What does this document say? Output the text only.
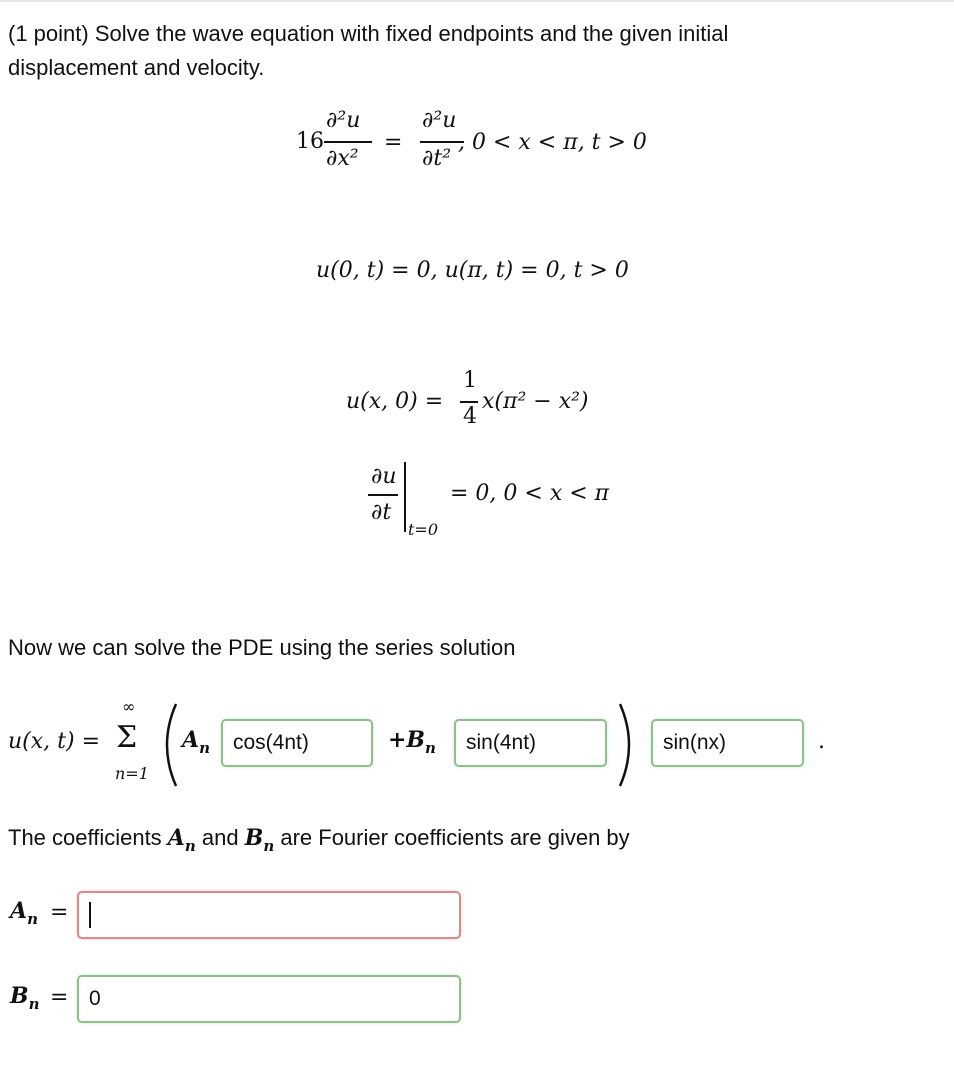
(1 point) Solve the wave equation with fixed endpoints and the given initial
displacement and velocity.
16
∂²u
∂x²
=
∂²u
∂t²
, 0 < x < π, t > 0
u(0, t) = 0, u(π, t) = 0, t > 0
u(x, 0) =
1
4
x(π² − x²)
∂u
∂t
t=0
= 0, 0 < x < π
Now we can solve the PDE using the series solution
u(x, t) =
∞
Σ
n=1
$A_n$
cos(4nt)	$+B_n$
sin(4nt)
sin(nx)	.
The coefficients $A_n$ and $B_n$ are Fourier coefficients are given by
$A_n$ =
$B_n$ =
0
